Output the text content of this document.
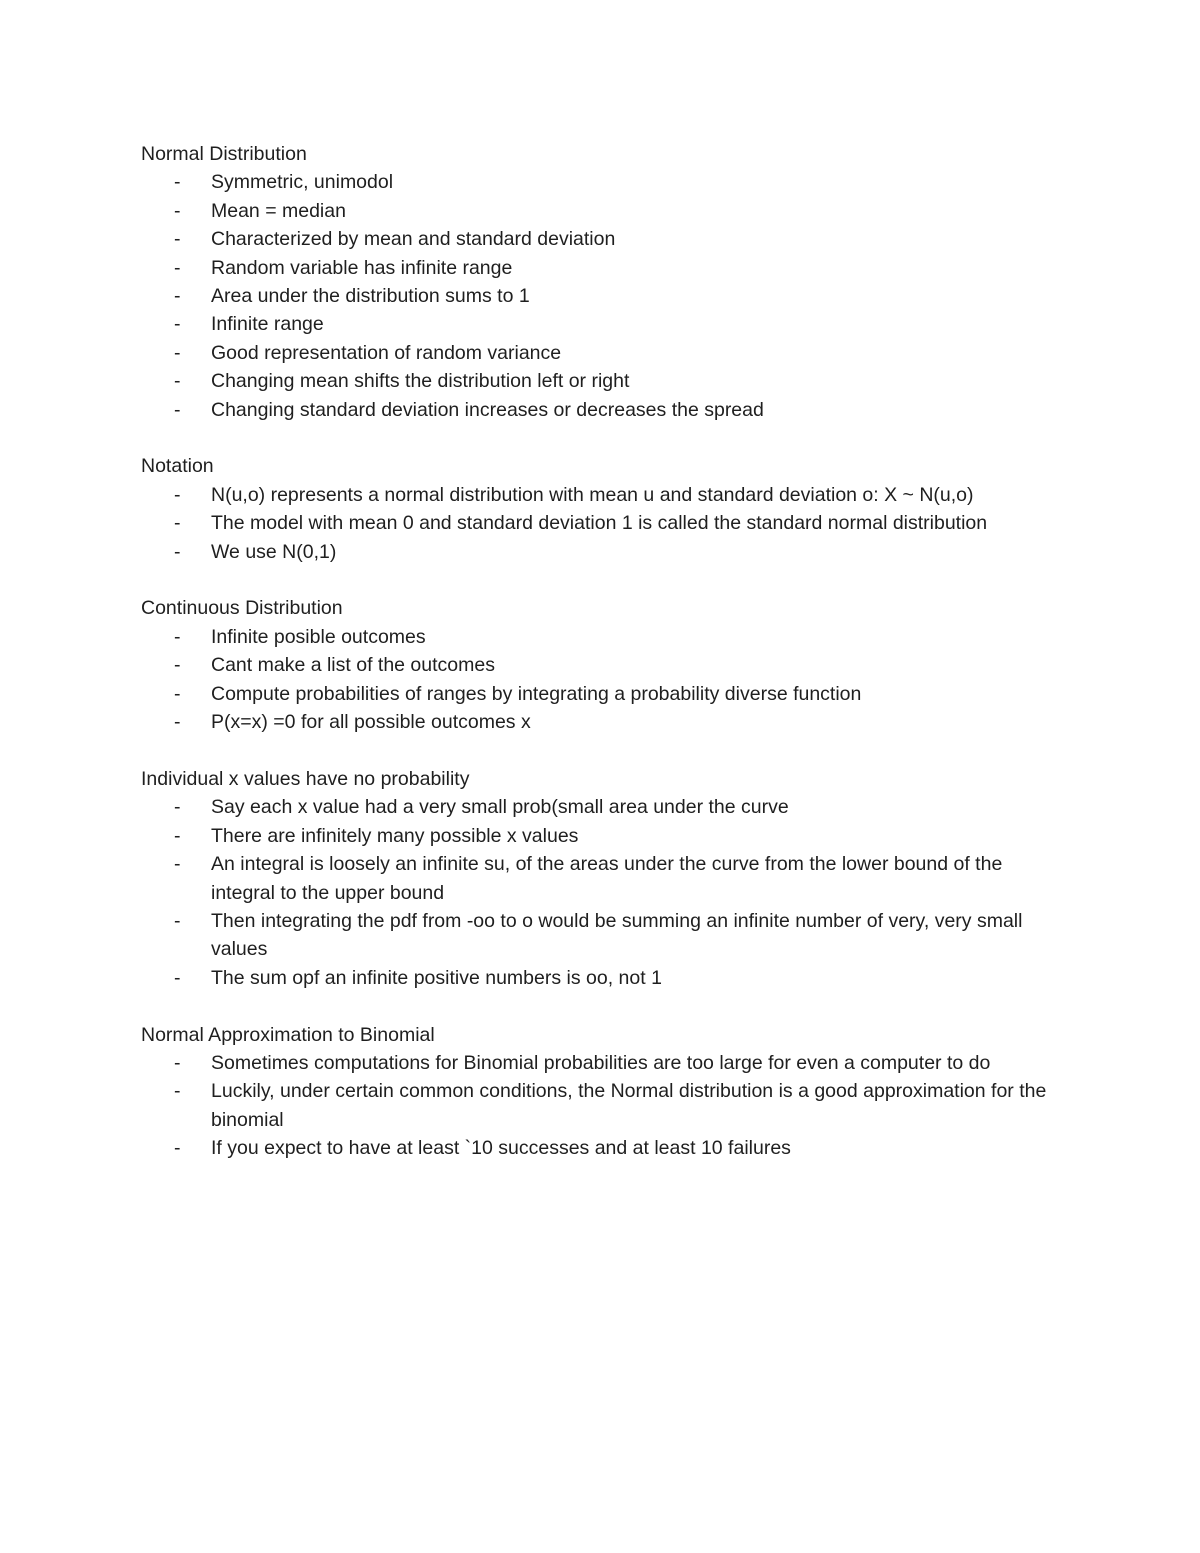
Normal Distribution

- Symmetric, unimodol
- Mean = median
- Characterized by mean and standard deviation
- Random variable has infinite range
- Area under the distribution sums to 1
- Infinite range
- Good representation of random variance
- Changing mean shifts the distribution left or right
- Changing standard deviation increases or decreases the spread

Notation

- N(u,o) represents a normal distribution with mean u and standard deviation o: X ~ N(u,o)
- The model with mean 0 and standard deviation 1 is called the standard normal distribution
- We use N(0,1)

Continuous Distribution

- Infinite posible outcomes
- Cant make a list of the outcomes
- Compute probabilities of ranges by integrating a probability diverse function
- P(x=x) =0 for all possible outcomes x

Individual x values have no probability

- Say each x value had a very small prob(small area under the curve
- There are infinitely many possible x values
- An integral is loosely an infinite su, of the areas under the curve from the lower bound of the integral to the upper bound
- Then integrating the pdf from -oo to o would be summing an infinite number of very, very small values
- The sum opf an infinite positive numbers is oo, not 1

Normal Approximation to Binomial

- Sometimes computations for Binomial probabilities are too large for even a computer to do
- Luckily, under certain common conditions, the Normal distribution is a good approximation for the binomial
- If you expect to have at least `10 successes and at least 10 failures
